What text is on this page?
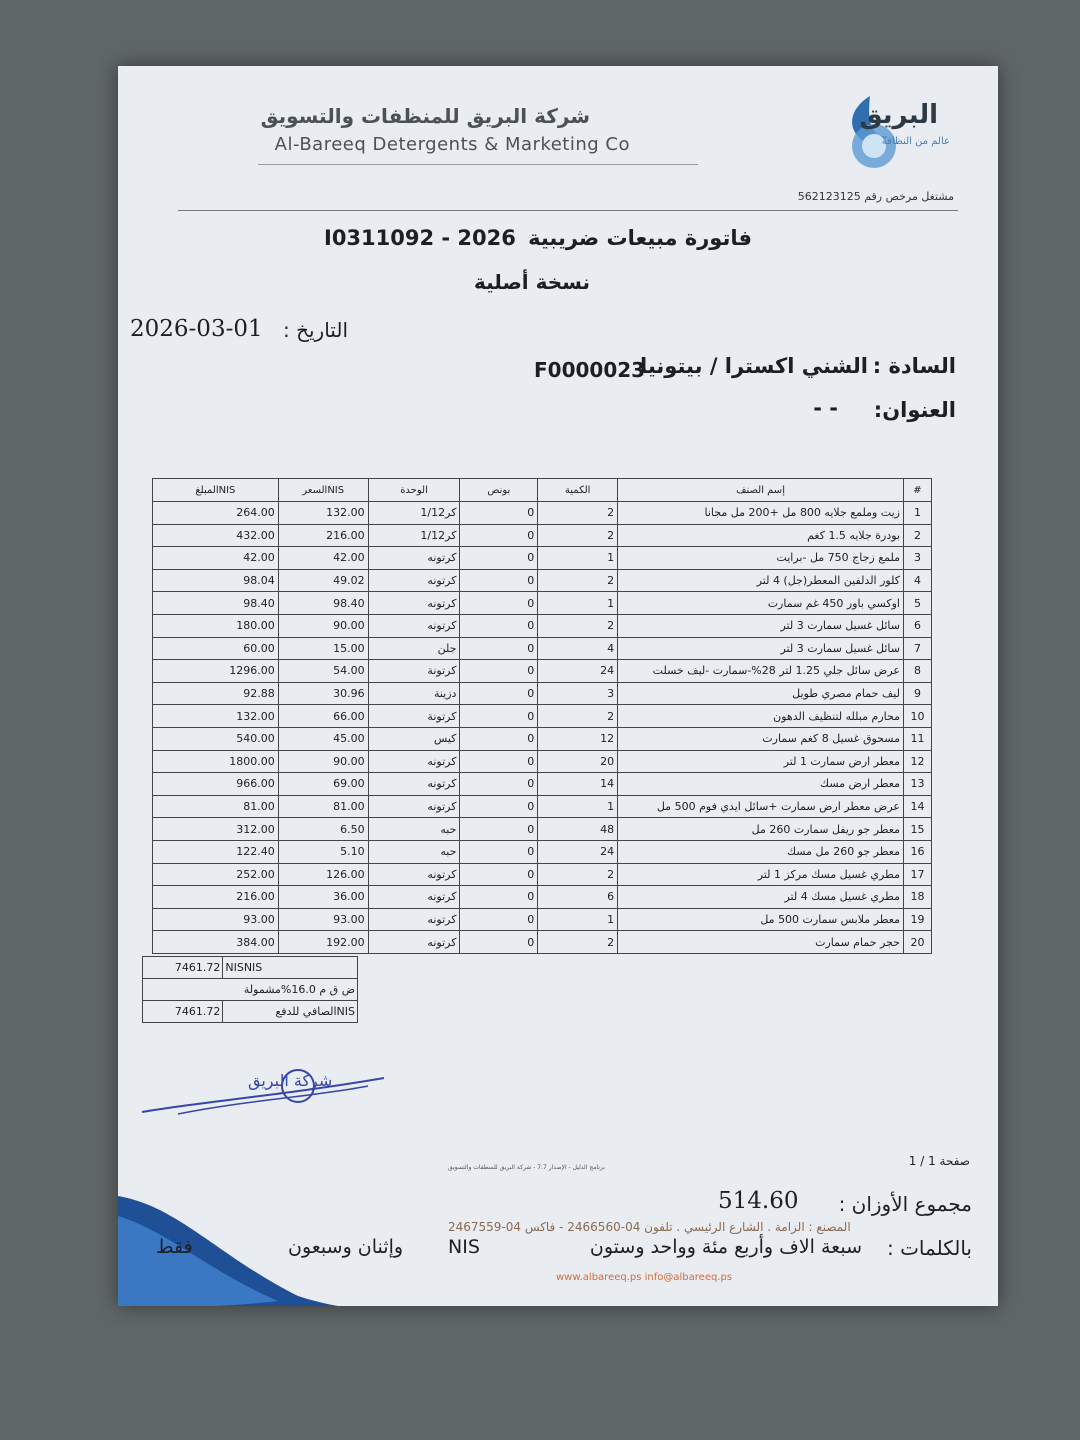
شركة البريق للمنظفات والتسويق
Al-Bareeq Detergents & Marketing Co
البريق
عالم من النظافة
مشتغل مرخص رقم 562123125
فاتورة مبيعات ضريبية
I0311092 - 2026
نسخة أصلية
التاريخ :
2026-03-01
السادة :
الشني اكسترا / بيتونيا
F0000023
العنوان:
- -
المبلغNIS	السعرNIS	الوحدة	بونص	الكمية	إسم الصنف	#
264.00	132.00	كر1/12	0	2	زيت وملمع جلايه 800 مل +200 مل مجانا	1
432.00	216.00	كر1/12	0	2	بودرة جلايه 1.5 كغم	2
42.00	42.00	كرتونه	0	1	ملمع زجاج 750 مل -برايت	3
98.04	49.02	كرتونه	0	2	كلور الدلفين المعطر(جل) 4 لتر	4
98.40	98.40	كرتونه	0	1	اوكسي باور 450 غم سمارت	5
180.00	90.00	كرتونه	0	2	سائل غسيل سمارت 3 لتر	6
60.00	15.00	جلن	0	4	سائل غسيل سمارت 3 لتر	7
1296.00	54.00	كرتونة	0	24	عرض سائل جلي 1.25 لتر 28%-سمارت -ليف خسلت	8
92.88	30.96	دزينة	0	3	ليف حمام مصري طويل	9
132.00	66.00	كرتونة	0	2	محارم مبلله لتنظيف الدهون	10
540.00	45.00	كيس	0	12	مسحوق غسيل 8 كغم سمارت	11
1800.00	90.00	كرتونه	0	20	معطر ارض سمارت 1 لتر	12
966.00	69.00	كرتونه	0	14	معطر ارض مسك	13
81.00	81.00	كرتونه	0	1	عرض معطر ارض سمارت +سائل ايدي فوم 500 مل	14
312.00	6.50	حبه	0	48	معطر جو ريفل سمارت 260 مل	15
122.40	5.10	حبه	0	24	معطر جو 260 مل مسك	16
252.00	126.00	كرتونه	0	2	مطري غسيل مسك مركز 1 لتر	17
216.00	36.00	كرتونه	0	6	مطري غسيل مسك 4 لتر	18
93.00	93.00	كرتونه	0	1	معطر ملابس سمارت 500 مل	19
384.00	192.00	كرتونه	0	2	حجر حمام سمارت	20
7461.72	NISNIS
ض ق م 16.0%مشمولة	
7461.72	NISالصافي للدفع
شركة البريق
صفحة 1 / 1
برنامج الدليل - الإصدار 7.7 - شركة البريق للمنظفات والتسويق
مجموع الأوزان :
514.60
المصنع : الزامة . الشارع الرئيسي . تلفون 04-2466560 - فاكس 04-2467559
www.albareeq.ps info@albareeq.ps
بالكلمات :
سبعة الاف وأربع مئة وواحد وستون
NIS
وإثنان وسبعون
فقط
